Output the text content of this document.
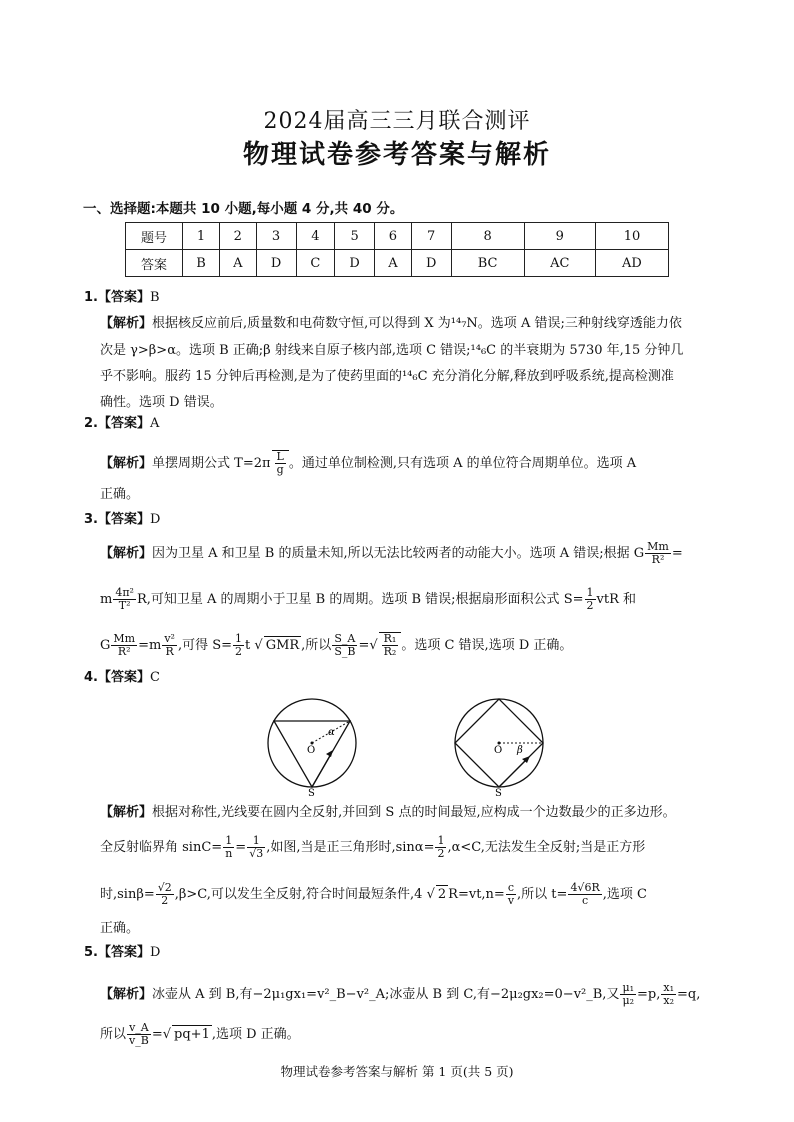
2024届高三三月联合测评
物理试卷参考答案与解析
一、选择题:本题共 10 小题,每小题 4 分,共 40 分。
题号	1	2	3	4	5	6	7	8	9	10
答案	B	A	D	C	D	A	D	BC	AC	AD
1.【答案】B
【解析】根据核反应前后,质量数和电荷数守恒,可以得到 X 为¹⁴₇N。选项 A 错误;三种射线穿透能力依
次是 γ>β>α。选项 B 正确;β 射线来自原子核内部,选项 C 错误;¹⁴₆C 的半衰期为 5730 年,15 分钟几
乎不影响。服药 15 分钟后再检测,是为了使药里面的¹⁴₆C 充分消化分解,释放到呼吸系统,提高检测准
确性。选项 D 错误。
2.【答案】A
【解析】单摆周期公式 $T=2\pi \frac{L}{g}$ 。通过单位制检测,只有选项 A 的单位符合周期单位。选项 A
正确。
3.【答案】D
【解析】因为卫星 A 和卫星 B 的质量未知,所以无法比较两者的动能大小。选项 A 错误;根据 G $\frac{Mm}{\text{R²}}$ =
m $\frac{\text{4π²}}{\text{T²}} R$,可知卫星 A 的周期小于卫星 B 的周期。选项 B 错误;根据扇形面积公式 $S= \frac{1}{2}$ vtR 和
G $\frac{Mm}{\text{R²}} =m \frac{\text{v²}}{R}$ ,可得 $S= \frac{1}{2}$ t √ GMR ,所以 $\frac{S\_A}{S\_B}$ =√ $\frac{\text{R₁}}{\text{R₂}}$ 。选项 C 错误,选项 D 正确。
4.【答案】C
O
α
S
O β
S
【解析】根据对称性,光线要在圆内全反射,并回到 S 点的时间最短,应构成一个边数最少的正多边形。
全反射临界角 $\sin C= \frac{1}{n} = \frac{1}{√3}$ ,如图,当是正三角形时$,\sin\alpha= \frac{1}{2} ,\alpha<C$,无法发生全反射;当是正方形
时$,\sin\beta= \frac{√2}{2} ,\beta>C$,可以发生全反射,符合时间最短条件,4 √ 2 $R=vt,n= \frac{c}{v}$ ,所以 $t= \frac{4√6R}{c}$ ,选项 C
正确。
5.【答案】D
【解析】冰壶从 A 到 B,有−2μ₁gx₁=v²_B−v²_A;冰壶从 B 到 C,有−2μ₂gx₂=0−v²_B,又 $\frac{\text{μ₁}}{\text{μ₂}} =p$, $\frac{\text{x₁}}{\text{x₂}} =q$,
所以 $\frac{v\_A}{v\_B}$ =√ pq+1 ,选项 D 正确。
物理试卷参考答案与解析 第 1 页(共 5 页)
